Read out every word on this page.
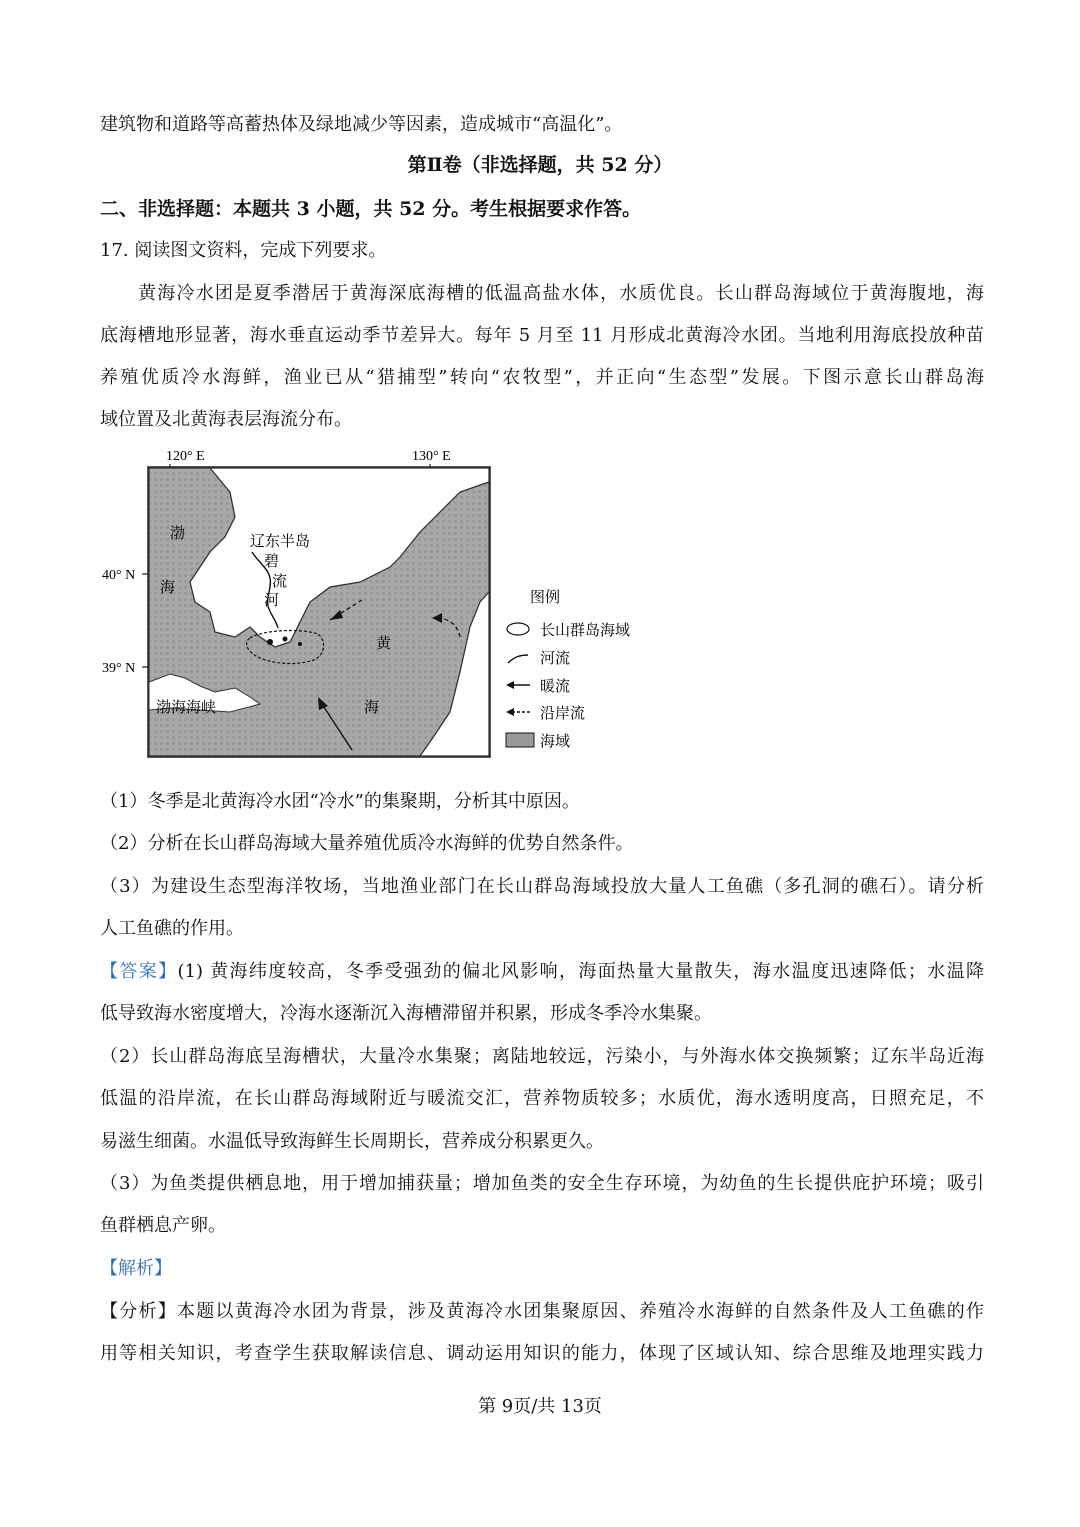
建筑物和道路等高蓄热体及绿地减少等因素，造成城市“高温化”。
第Ⅱ卷（非选择题，共 52 分）
二、非选择题：本题共 3 小题，共 52 分。考生根据要求作答。
17. 阅读图文资料，完成下列要求。
黄海冷水团是夏季潜居于黄海深底海槽的低温高盐水体，水质优良。长山群岛海域位于黄海腹地，海
底海槽地形显著，海水垂直运动季节差异大。每年 5 月至 11 月形成北黄海冷水团。当地利用海底投放种苗
养殖优质冷水海鲜，渔业已从“猎捕型”转向“农牧型”，并正向“生态型”发展。下图示意长山群岛海
域位置及北黄海表层海流分布。
120° E	130° E
40° N
39° N
渤
海
辽东半岛
碧
流
河
黄
海
渤海海峡
图例
长山群岛海域
河流
暖流
沿岸流
海域
（1）冬季是北黄海冷水团“冷水”的集聚期，分析其中原因。
（2）分析在长山群岛海域大量养殖优质冷水海鲜的优势自然条件。
（3）为建设生态型海洋牧场，当地渔业部门在长山群岛海域投放大量人工鱼礁（多孔洞的礁石）。请分析
人工鱼礁的作用。
【答案】(1) 黄海纬度较高，冬季受强劲的偏北风影响，海面热量大量散失，海水温度迅速降低；水温降
低导致海水密度增大，冷海水逐渐沉入海槽滞留并积累，形成冬季冷水集聚。
（2）长山群岛海底呈海槽状，大量冷水集聚；离陆地较远，污染小，与外海水体交换频繁；辽东半岛近海
低温的沿岸流，在长山群岛海域附近与暖流交汇，营养物质较多；水质优，海水透明度高，日照充足，不
易滋生细菌。水温低导致海鲜生长周期长，营养成分积累更久。
（3）为鱼类提供栖息地，用于增加捕获量；增加鱼类的安全生存环境，为幼鱼的生长提供庇护环境；吸引
鱼群栖息产卵。
【解析】
【分析】本题以黄海冷水团为背景，涉及黄海冷水团集聚原因、养殖冷水海鲜的自然条件及人工鱼礁的作
用等相关知识，考查学生获取解读信息、调动运用知识的能力，体现了区域认知、综合思维及地理实践力
第 9页/共 13页
